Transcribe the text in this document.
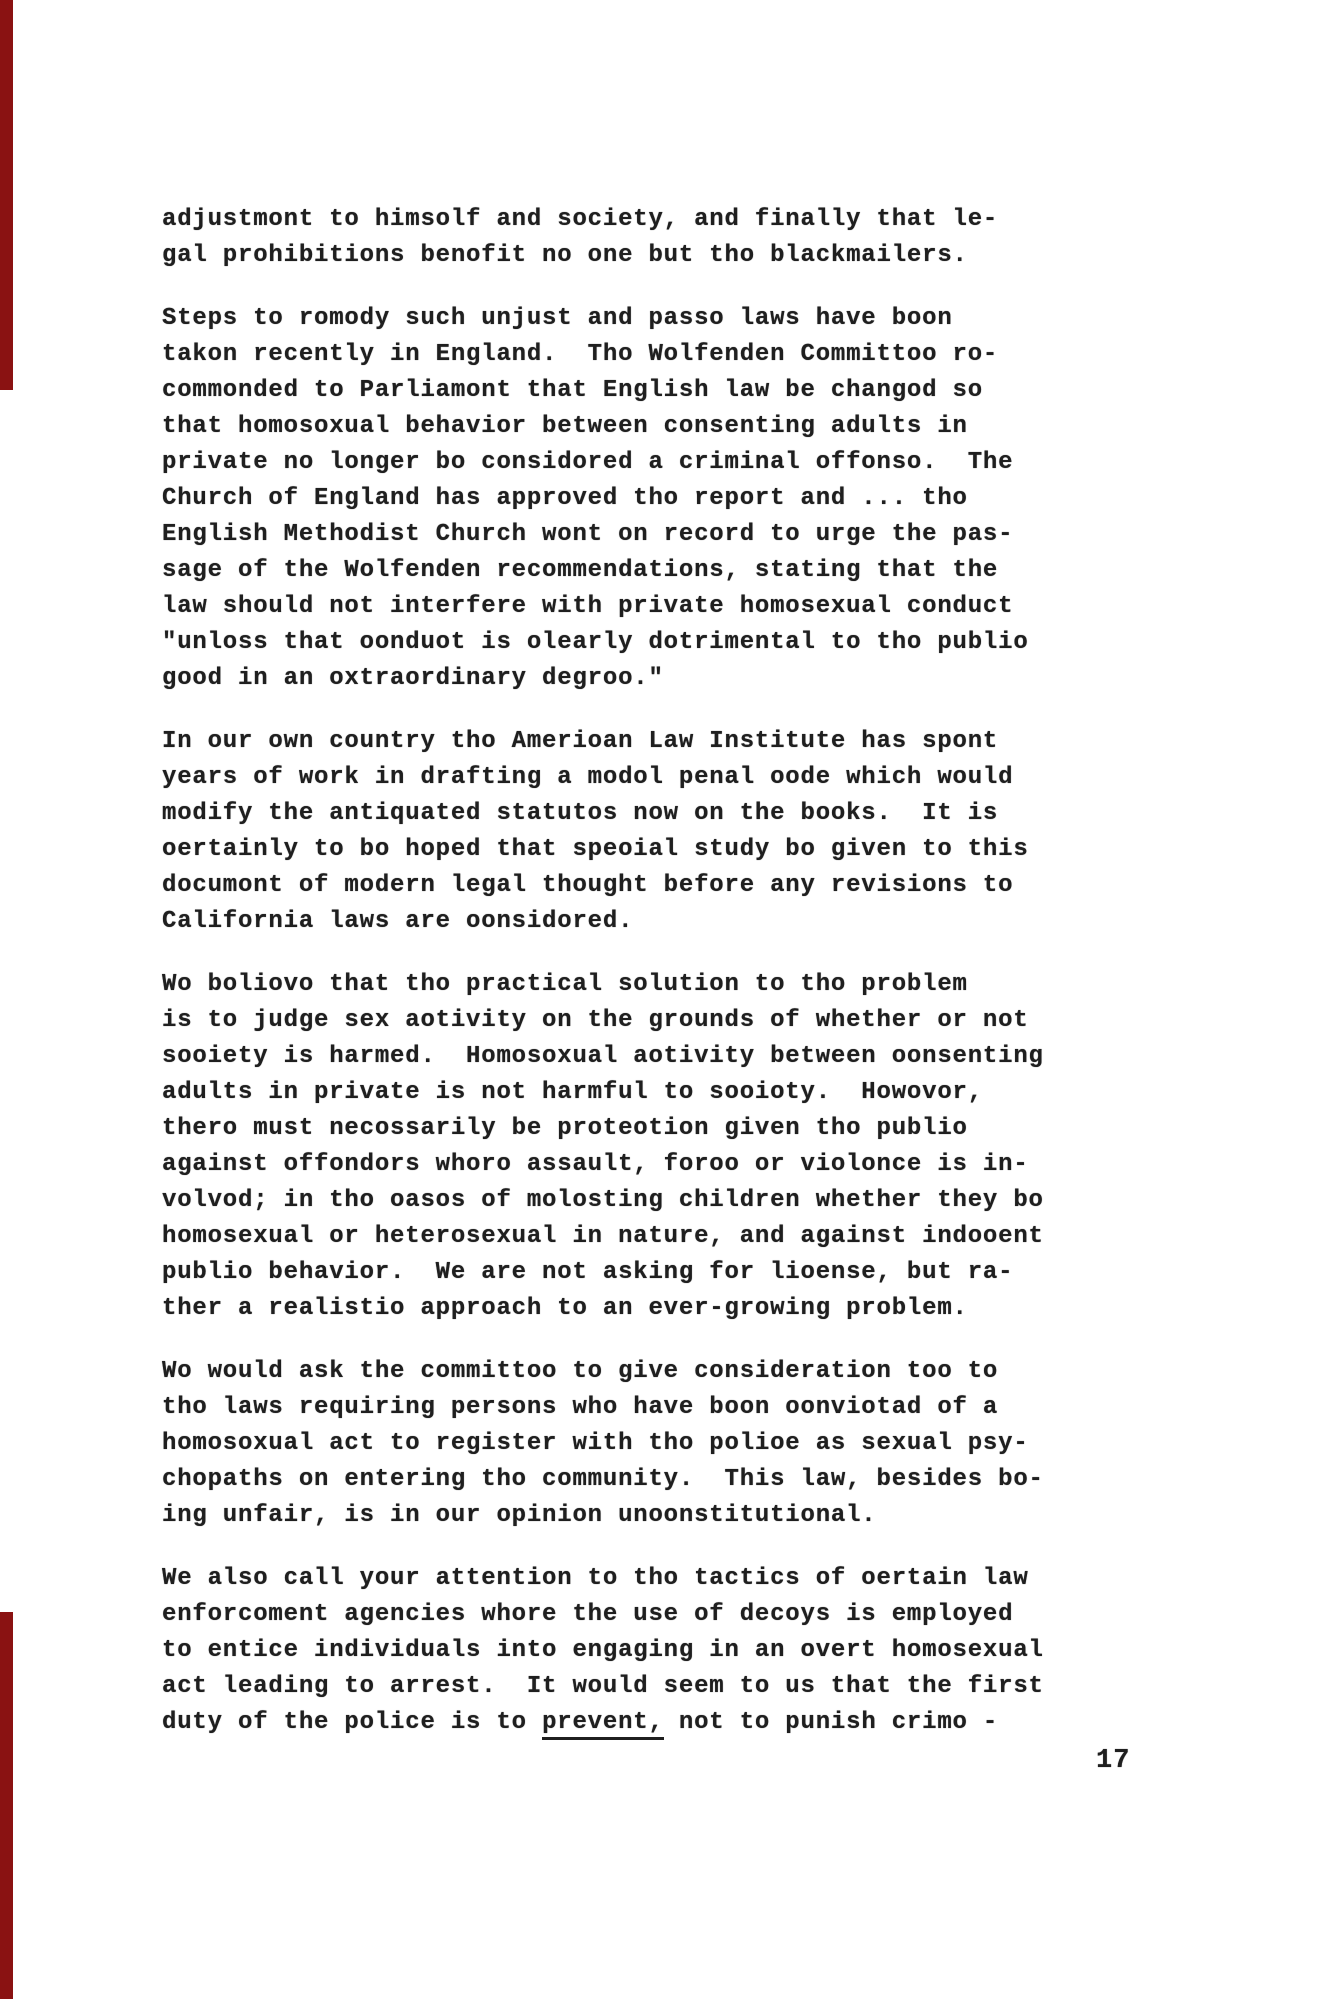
adjustmont to himsolf and society, and finally that le-
gal prohibitions benofit no one but tho blackmailers.
Steps to romody such unjust and passo laws have boon
takon recently in England.  Tho Wolfenden Committoo ro-
commonded to Parliamont that English law be changod so
that homosoxual behavior between consenting adults in
private no longer bo considored a criminal offonso.  The
Church of England has approved tho report and ... tho
English Methodist Church wont on record to urge the pas-
sage of the Wolfenden recommendations, stating that the
law should not interfere with private homosexual conduct
"unloss that oonduot is olearly dotrimental to tho publio
good in an oxtraordinary degroo."
In our own country tho Amerioan Law Institute has spont
years of work in drafting a modol penal oode which would
modify the antiquated statutos now on the books.  It is
oertainly to bo hoped that speoial study bo given to this
documont of modern legal thought before any revisions to
California laws are oonsidored.
Wo boliovo that tho practical solution to tho problem
is to judge sex aotivity on the grounds of whether or not
sooiety is harmed.  Homosoxual aotivity between oonsenting
adults in private is not harmful to sooioty.  Howovor,
thero must necossarily be proteotion given tho publio
against offondors whoro assault, foroo or violonce is in-
volvod; in tho oasos of molosting children whether they bo
homosexual or heterosexual in nature, and against indooent
publio behavior.  We are not asking for lioense, but ra-
ther a realistio approach to an ever-growing problem.
Wo would ask the committoo to give consideration too to
tho laws requiring persons who have boon oonviotad of a
homosoxual act to register with tho polioe as sexual psy-
chopaths on entering tho community.  This law, besides bo-
ing unfair, is in our opinion unoonstitutional.
We also call your attention to tho tactics of oertain law
enforcoment agencies whore the use of decoys is employed
to entice individuals into engaging in an overt homosexual
act leading to arrest.  It would seem to us that the first
duty of the police is to prevent, not to punish crimo -
17
